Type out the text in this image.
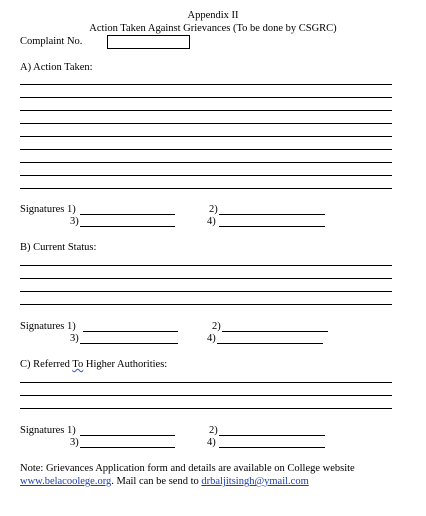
Appendix II
Action Taken Against Grievances (To be done by CSGRC)
Complaint No.
A) Action Taken:
Signatures 1)	2)
3)	4)
B) Current Status:
Signatures 1)	2)
3)	4)
C) Referred To Higher Authorities:
Signatures 1)	2)
3)	4)
Note: Grievances Application form and details are available on College website
www.belacoolege.org. Mail can be send to drbaljitsingh@ymail.com
